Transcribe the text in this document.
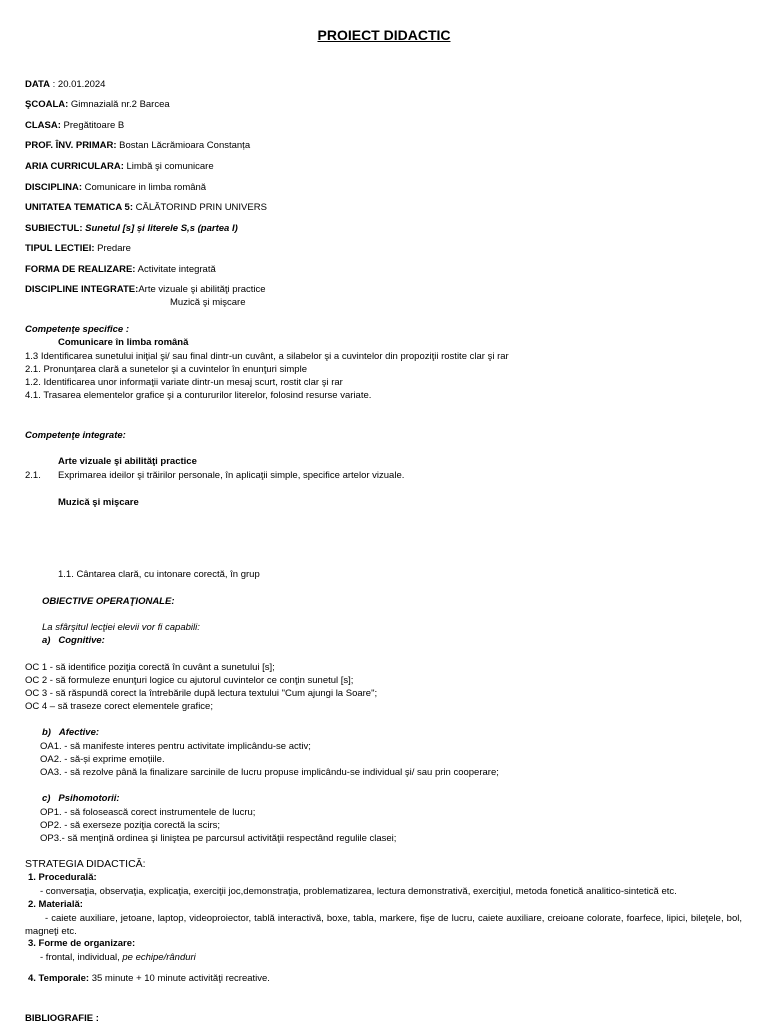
PROIECT DIDACTIC
DATA : 20.01.2024
ŞCOALA: Gimnazială nr.2 Barcea
CLASA: Pregătitoare B
PROF. ÎNV. PRIMAR: Bostan Lăcrămioara Constanța
ARIA CURRICULARA: Limbă şi comunicare
DISCIPLINA: Comunicare in limba română
UNITATEA TEMATICA 5: CĂLĂTORIND PRIN UNIVERS
SUBIECTUL: Sunetul [s] și literele S,s (partea I)
TIPUL LECTIEI: Predare
FORMA DE REALIZARE: Activitate integrată
DISCIPLINE INTEGRATE:Arte vizuale şi abilităţi practice
Muzică şi mişcare
Competenţe specifice :
Comunicare în limba română
1.3 Identificarea sunetului iniţial şi/ sau final dintr-un cuvânt, a silabelor şi a cuvintelor din propoziţii rostite clar şi rar
2.1. Pronunţarea clară a sunetelor şi a cuvintelor în enunţuri simple
1.2. Identificarea unor informaţii variate dintr-un mesaj scurt, rostit clar şi rar
4.1. Trasarea elementelor grafice şi a contururilor literelor, folosind resurse variate.
Competenţe integrate:
Arte vizuale şi abilităţi practice
2.1. Exprimarea ideilor şi trăirilor personale, în aplicaţii simple, specifice artelor vizuale.
Muzică şi mişcare
1.1. Cântarea clară, cu intonare corectă, în grup
OBIECTIVE OPERAŢIONALE:
La sfârşitul lecţiei elevii vor fi capabili:
a) Cognitive:
OC 1 - să identifice poziţia corectă în cuvânt a sunetului [s];
OC 2 - să formuleze enunţuri logice cu ajutorul cuvintelor ce conţin sunetul [s];
OC 3 - să răspundă corect la întrebările după lectura textului "Cum ajungi la Soare";
OC 4 – să traseze corect elementele grafice;
b) Afective:
OA1. - să manifeste interes pentru activitate implicându-se activ;
OA2. - să-și exprime emoțiile.
OA3. - să rezolve până la finalizare sarcinile de lucru propuse implicându-se individual şi/ sau prin cooperare;
c) Psihomotorii:
OP1. - să folosească corect instrumentele de lucru;
OP2. - să exerseze poziţia corectă la scirs;
OP3.- să menţină ordinea şi liniştea pe parcursul activităţii respectând regulile clasei;
STRATEGIA DIDACTICĂ:
1. Procedurală:
- conversaţia, observaţia, explicaţia, exerciţii joc,demonstraţia, problematizarea, lectura demonstrativă, exerciţiul, metoda fonetică analitico-sintetică etc.
2. Materială:
- caiete auxiliare, jetoane, laptop, videoproiector, tablă interactivă, boxe, tabla, markere, fişe de lucru, caiete auxiliare, creioane colorate, foarfece, lipici, bileţele, bol, magneţi etc.
3. Forme de organizare:
- frontal, individual, pe echipe/rânduri
4. Temporale: 35 minute + 10 minute activităţi recreative.
BIBLIOGRAFIE :
